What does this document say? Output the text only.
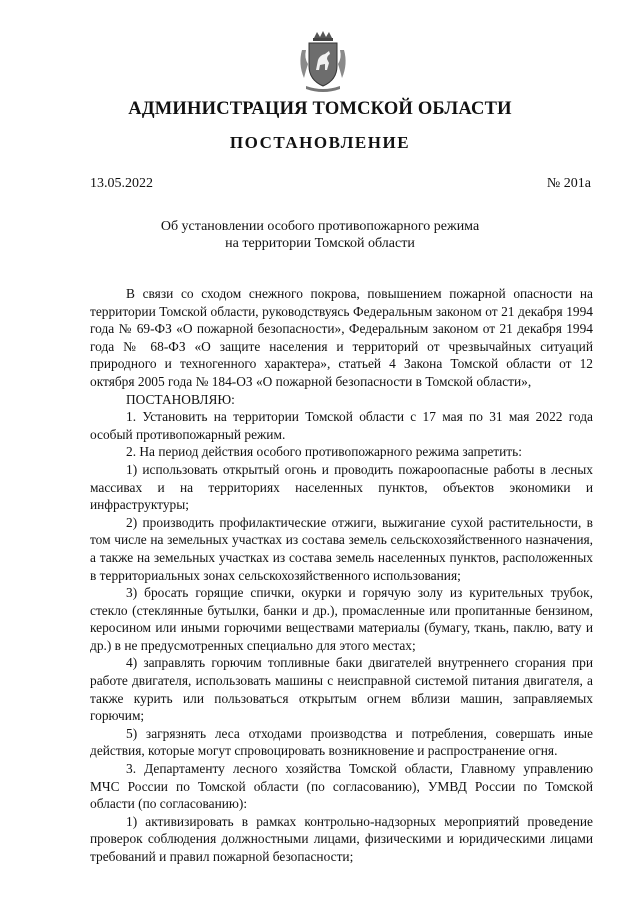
АДМИНИСТРАЦИЯ ТОМСКОЙ ОБЛАСТИ
ПОСТАНОВЛЕНИЕ
13.05.2022	№ 201а
Об установлении особого противопожарного режима
на территории Томской области

В связи со сходом снежного покрова, повышением пожарной опасности на территории Томской области, руководствуясь Федеральным законом от 21 декабря 1994 года № 69-ФЗ «О пожарной безопасности», Федеральным законом от 21 декабря 1994 года № 68-ФЗ «О защите населения и территорий от чрезвычайных ситуаций природного и техногенного характера», статьей 4 Закона Томской области от 12 октября 2005 года № 184-ОЗ «О пожарной безопасности в Томской области»,

ПОСТАНОВЛЯЮ:

1. Установить на территории Томской области с 17 мая по 31 мая 2022 года особый противопожарный режим.

2. На период действия особого противопожарного режима запретить:

1) использовать открытый огонь и проводить пожароопасные работы в лесных массивах и на территориях населенных пунктов, объектов экономики и инфраструктуры;

2) производить профилактические отжиги, выжигание сухой растительности, в том числе на земельных участках из состава земель сельскохозяйственного назначения, а также на земельных участках из состава земель населенных пунктов, расположенных в территориальных зонах сельскохозяйственного использования;

3) бросать горящие спички, окурки и горячую золу из курительных трубок, стекло (стеклянные бутылки, банки и др.), промасленные или пропитанные бензином, керосином или иными горючими веществами материалы (бумагу, ткань, паклю, вату и др.) в не предусмотренных специально для этого местах;

4) заправлять горючим топливные баки двигателей внутреннего сгорания при работе двигателя, использовать машины с неисправной системой питания двигателя, а также курить или пользоваться открытым огнем вблизи машин, заправляемых горючим;

5) загрязнять леса отходами производства и потребления, совершать иные действия, которые могут спровоцировать возникновение и распространение огня.

3. Департаменту лесного хозяйства Томской области, Главному управлению МЧС России по Томской области (по согласованию), УМВД России по Томской области (по согласованию):

1) активизировать в рамках контрольно-надзорных мероприятий проведение проверок соблюдения должностными лицами, физическими и юридическими лицами требований и правил пожарной безопасности;
